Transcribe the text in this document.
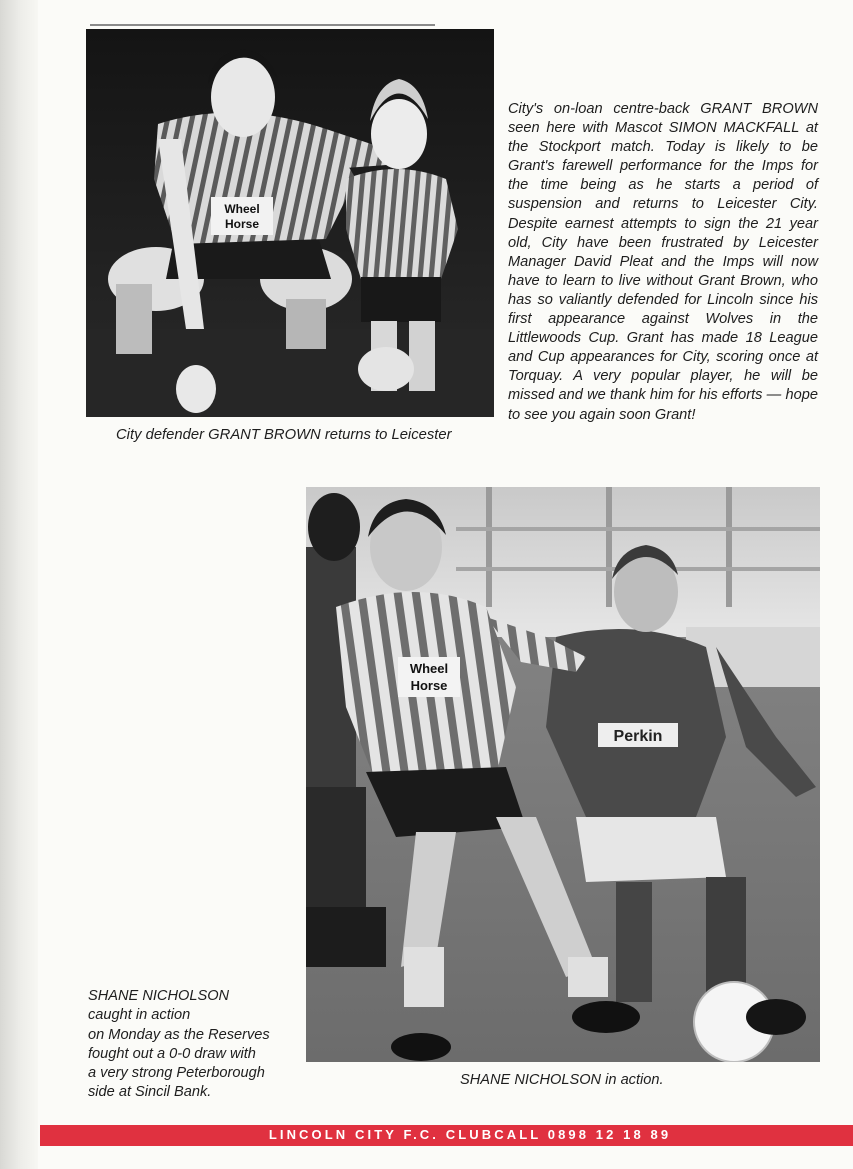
Wheel
Horse

City's on-loan centre-back GRANT BROWN seen here with Mascot SIMON MACKFALL at the Stockport match. Today is likely to be Grant's farewell performance for the Imps for the time being as he starts a period of suspension and returns to Leicester City. Despite earnest attempts to sign the 21 year old, City have been frustrated by Leicester Manager David Pleat and the Imps will now have to learn to live without Grant Brown, who has so valiantly defended for Lincoln since his first appearance against Wolves in the Littlewoods Cup. Grant has made 18 League and Cup appearances for City, scoring once at Torquay. A very popular player, he will be missed and we thank him for his efforts — hope to see you again soon Grant!

City defender GRANT BROWN returns to Leicester

Perkin
Wheel
Horse
SHANE NICHOLSON
caught in action
on Monday as the Reserves
fought out a 0-0 draw with
a very strong Peterborough
side at Sincil Bank.

SHANE NICHOLSON in action.

LINCOLN CITY F.C. CLUBCALL 0898 12 18 89
